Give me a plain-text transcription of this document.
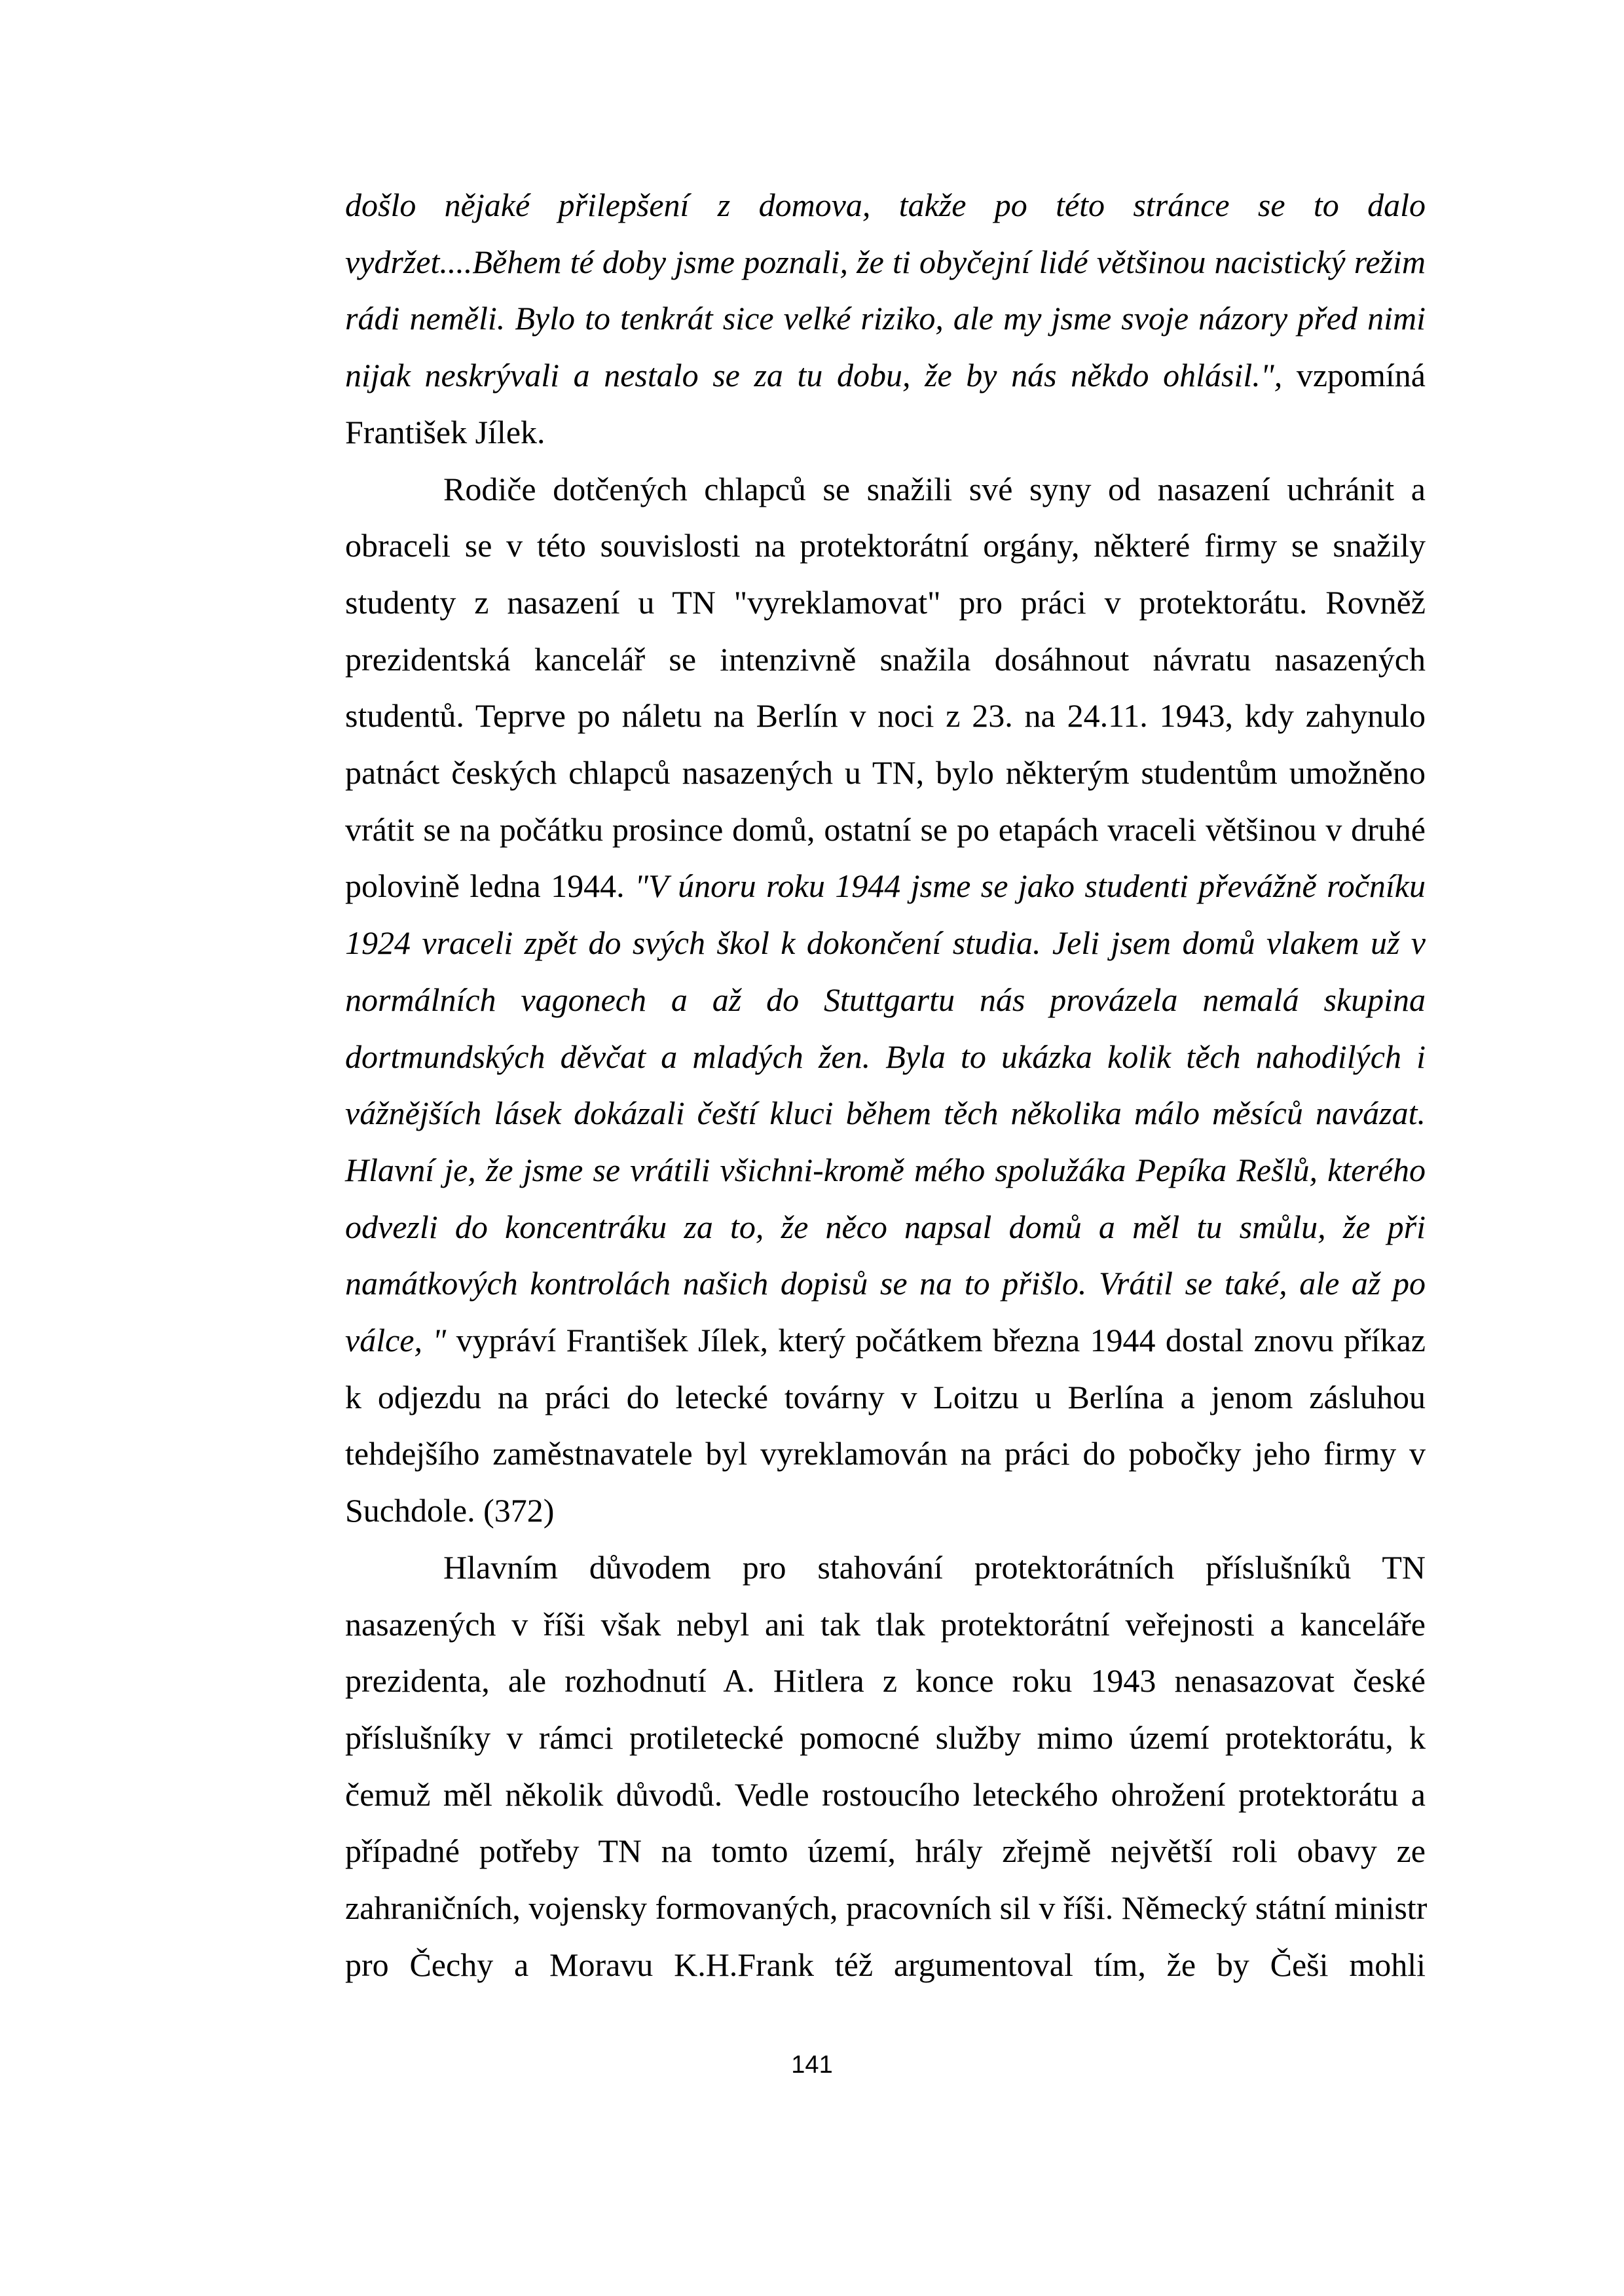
došlo nějaké přilepšení z domova, takže po této stránce se to dalo
vydržet....Během té doby jsme poznali, že ti obyčejní lidé většinou nacistický režim
rádi neměli. Bylo to tenkrát sice velké riziko, ale my jsme svoje názory před nimi
nijak neskrývali a nestalo se za tu dobu, že by nás někdo ohlásil.", vzpomíná
František Jílek.
Rodiče dotčených chlapců se snažili své syny od nasazení uchránit a
obraceli se v této souvislosti na protektorátní orgány, některé firmy se snažily
studenty z nasazení u TN "vyreklamovat" pro práci v protektorátu. Rovněž
prezidentská kancelář se intenzivně snažila dosáhnout návratu nasazených
studentů. Teprve po náletu na Berlín v noci z 23. na 24.11. 1943, kdy zahynulo
patnáct českých chlapců nasazených u TN, bylo některým studentům umožněno
vrátit se na počátku prosince domů, ostatní se po etapách vraceli většinou v druhé
polovině ledna 1944. "V únoru roku 1944 jsme se jako studenti převážně ročníku
1924 vraceli zpět do svých škol k dokončení studia. Jeli jsem domů vlakem už v
normálních vagonech a až do Stuttgartu nás provázela nemalá skupina
dortmundských děvčat a mladých žen. Byla to ukázka kolik těch nahodilých i
vážnějších lásek dokázali čeští kluci během těch několika málo měsíců navázat.
Hlavní je, že jsme se vrátili všichni-kromě mého spolužáka Pepíka Rešlů, kterého
odvezli do koncentráku za to, že něco napsal domů a měl tu smůlu, že při
namátkových kontrolách našich dopisů se na to přišlo. Vrátil se také, ale až po
válce, " vypráví František Jílek, který počátkem března 1944 dostal znovu příkaz
k odjezdu na práci do letecké továrny v Loitzu u Berlína a jenom zásluhou
tehdejšího zaměstnavatele byl vyreklamován na práci do pobočky jeho firmy v
Suchdole. (372)
Hlavním důvodem pro stahování protektorátních příslušníků TN
nasazených v říši však nebyl ani tak tlak protektorátní veřejnosti a kanceláře
prezidenta, ale rozhodnutí A. Hitlera z konce roku 1943 nenasazovat české
příslušníky v rámci protiletecké pomocné služby mimo území protektorátu, k
čemuž měl několik důvodů. Vedle rostoucího leteckého ohrožení protektorátu a
případné potřeby TN na tomto území, hrály zřejmě největší roli obavy ze
zahraničních, vojensky formovaných, pracovních sil v říši. Německý státní ministr
pro Čechy a Moravu K.H.Frank též argumentoval tím, že by Češi mohli
141
